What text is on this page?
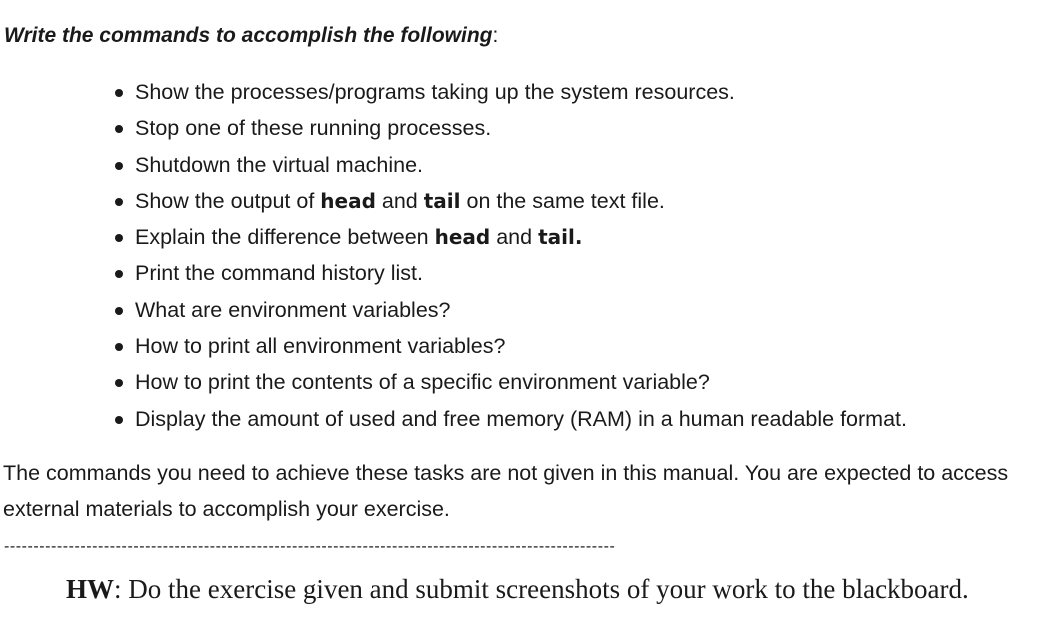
Write the commands to accomplish the following:
Show the processes/programs taking up the system resources.
Stop one of these running processes.
Shutdown the virtual machine.
Show the output of head and tail on the same text file.
Explain the difference between head and tail.
Print the command history list.
What are environment variables?
How to print all environment variables?
How to print the contents of a specific environment variable?
Display the amount of used and free memory (RAM) in a human readable format.

The commands you need to achieve these tasks are not given in this manual. You are expected to access external materials to accomplish your exercise.

--------------------------------------------------------------------------------------------------------
HW: Do the exercise given and submit screenshots of your work to the blackboard.
